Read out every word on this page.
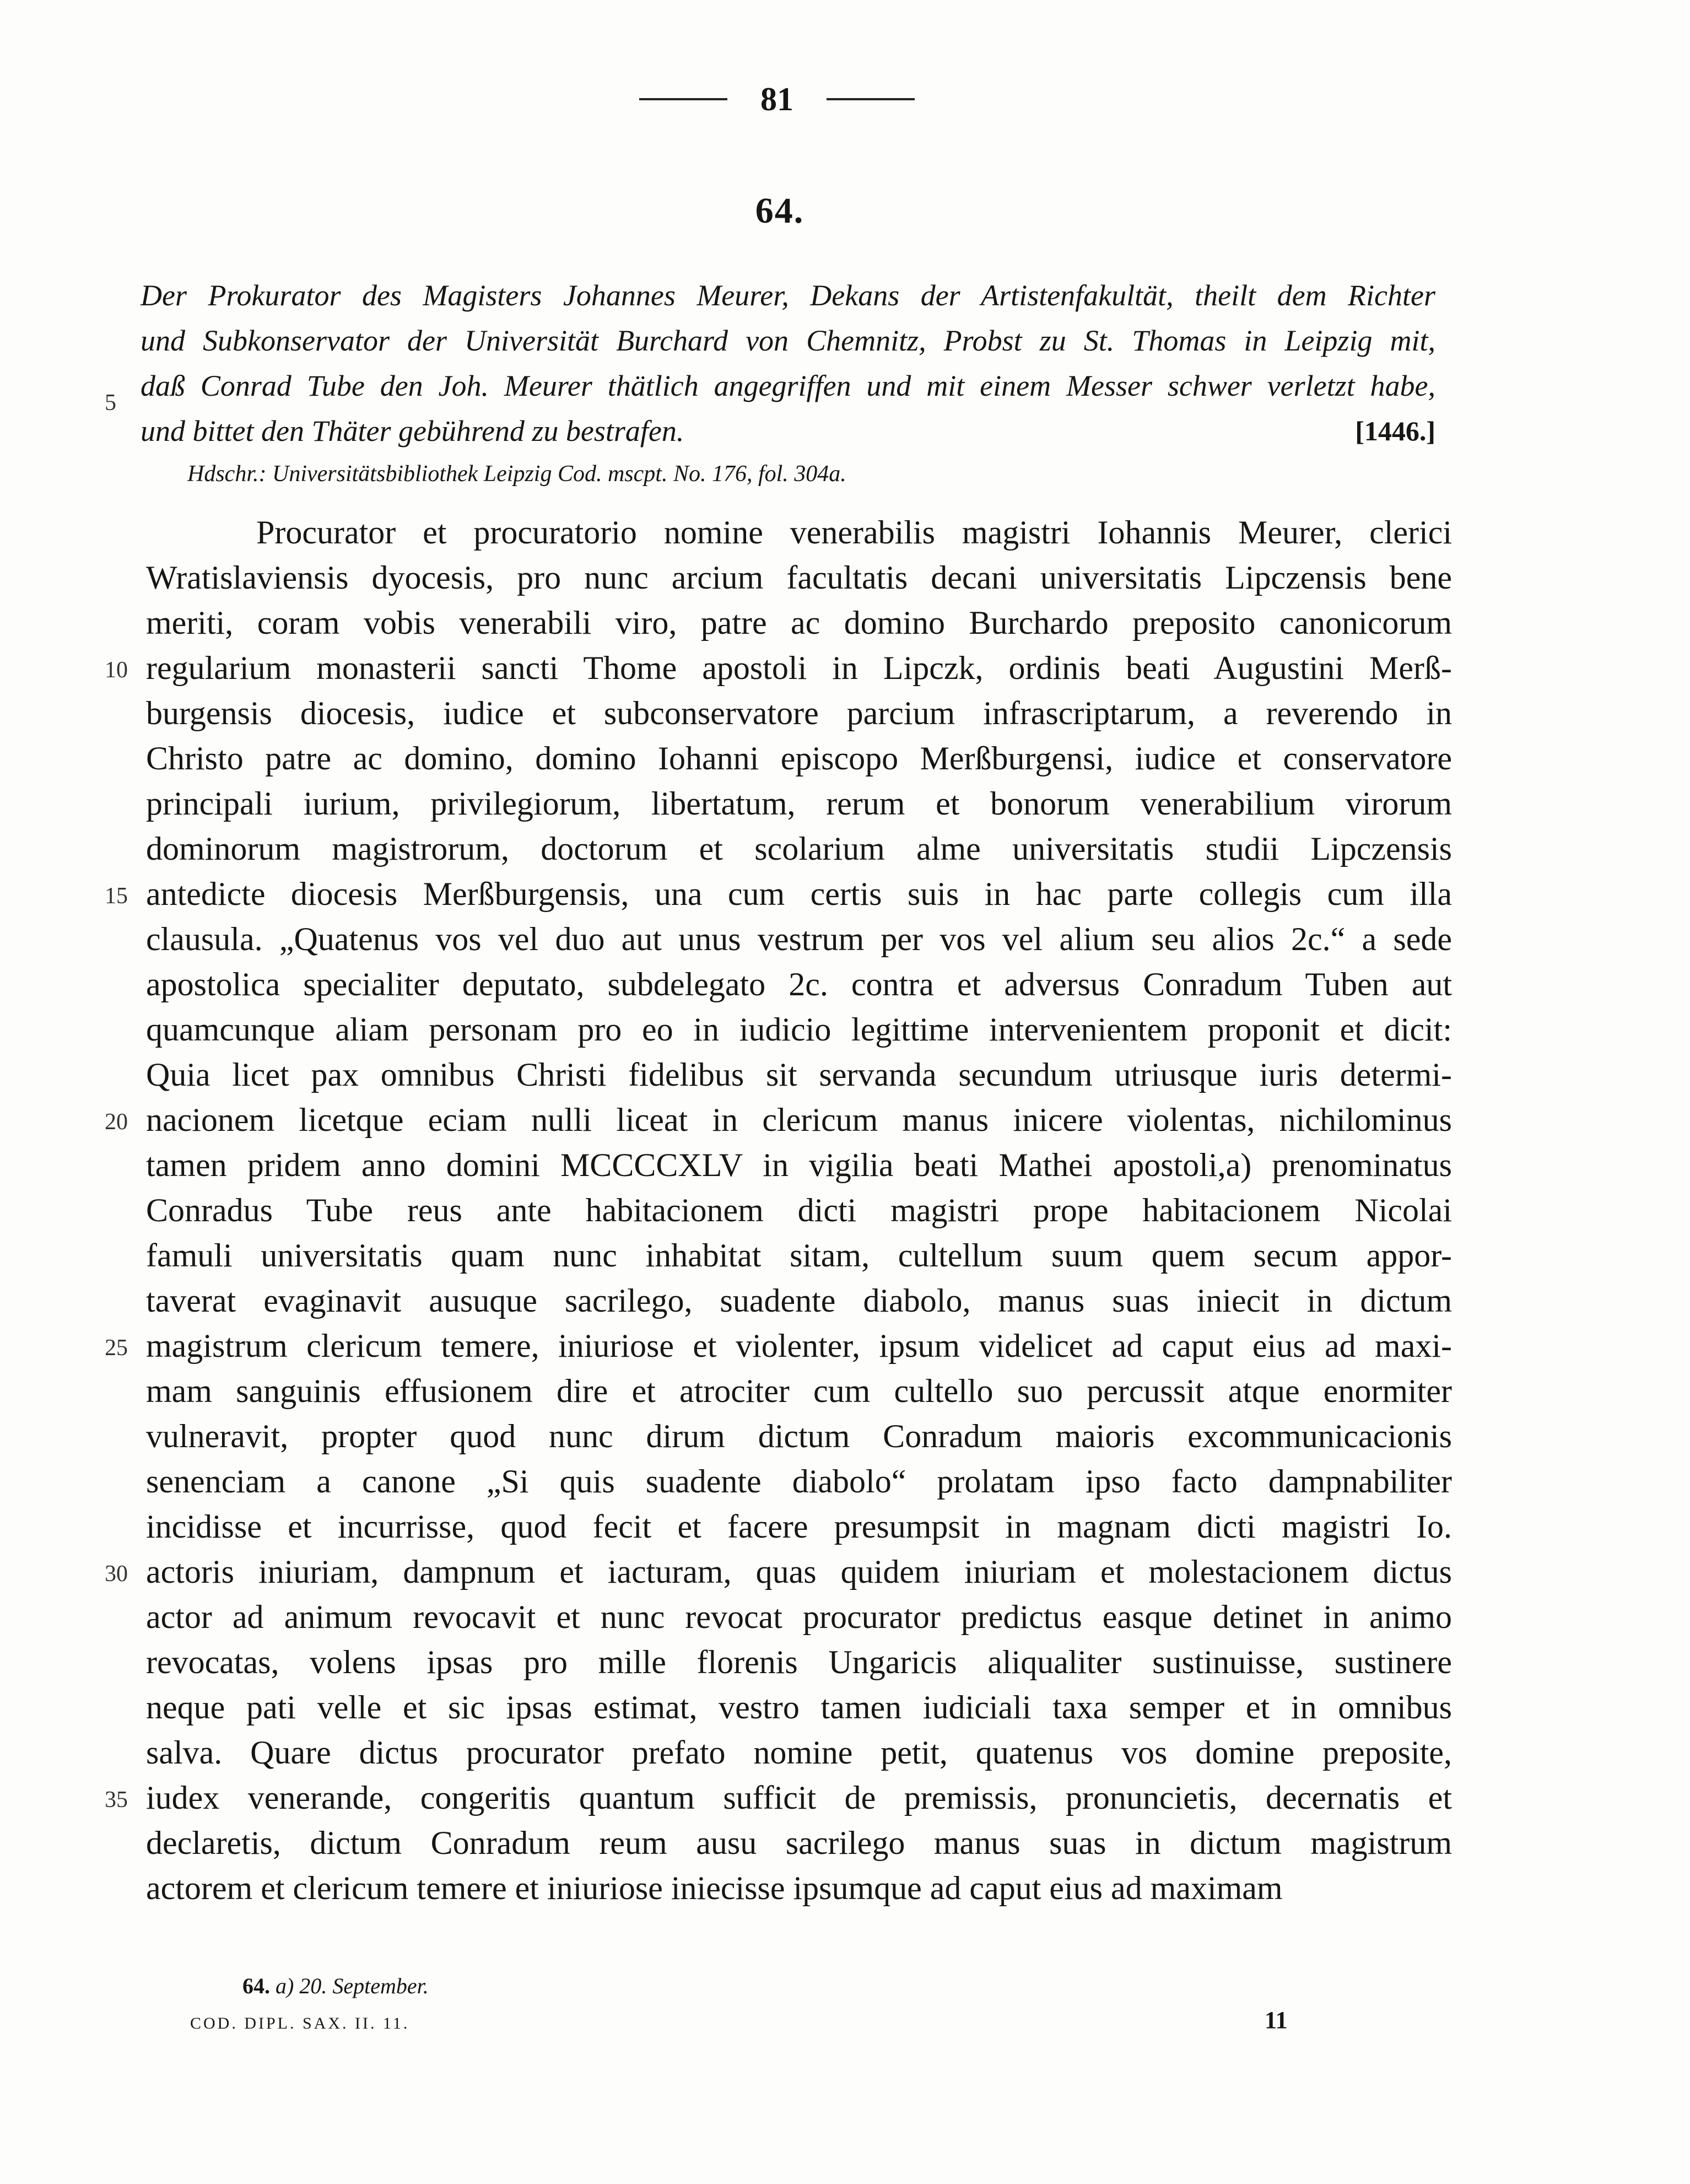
81
64.
Der Prokurator des Magisters Johannes Meurer, Dekans der Artistenfakultät, theilt dem Richter
und Subkonservator der Universität Burchard von Chemnitz, Probst zu St. Thomas in Leipzig mit,
daß Conrad Tube den Joh. Meurer thätlich angegriffen und mit einem Messer schwer verletzt habe,
und bittet den Thäter gebührend zu bestrafen.	[1446.]
5
Hdschr.: Universitätsbibliothek Leipzig Cod. mscpt. No. 176, fol. 304a.
Procurator et procuratorio nomine venerabilis magistri Iohannis Meurer, clerici
Wratislaviensis dyocesis, pro nunc arcium facultatis decani universitatis Lipczensis bene
meriti, coram vobis venerabili viro, patre ac domino Burchardo preposito canonicorum
regularium monasterii sancti Thome apostoli in Lipczk, ordinis beati Augustini Merß-
burgensis diocesis, iudice et subconservatore parcium infrascriptarum, a reverendo in
Christo patre ac domino, domino Iohanni episcopo Merßburgensi, iudice et conservatore
principali iurium, privilegiorum, libertatum, rerum et bonorum venerabilium virorum
dominorum magistrorum, doctorum et scolarium alme universitatis studii Lipczensis
antedicte diocesis Merßburgensis, una cum certis suis in hac parte collegis cum illa
clausula. „Quatenus vos vel duo aut unus vestrum per vos vel alium seu alios 2c.“ a sede
apostolica specialiter deputato, subdelegato 2c. contra et adversus Conradum Tuben aut
quamcunque aliam personam pro eo in iudicio legittime intervenientem proponit et dicit:
Quia licet pax omnibus Christi fidelibus sit servanda secundum utriusque iuris determi-
nacionem licetque eciam nulli liceat in clericum manus inicere violentas, nichilominus
tamen pridem anno domini MCCCCXLV in vigilia beati Mathei apostoli,a) prenominatus
Conradus Tube reus ante habitacionem dicti magistri prope habitacionem Nicolai
famuli universitatis quam nunc inhabitat sitam, cultellum suum quem secum appor-
taverat evaginavit ausuque sacrilego, suadente diabolo, manus suas iniecit in dictum
magistrum clericum temere, iniuriose et violenter, ipsum videlicet ad caput eius ad maxi-
mam sanguinis effusionem dire et atrociter cum cultello suo percussit atque enormiter
vulneravit, propter quod nunc dirum dictum Conradum maioris excommunicacionis
senenciam a canone „Si quis suadente diabolo“ prolatam ipso facto dampnabiliter
incidisse et incurrisse, quod fecit et facere presumpsit in magnam dicti magistri Io.
actoris iniuriam, dampnum et iacturam, quas quidem iniuriam et molestacionem dictus
actor ad animum revocavit et nunc revocat procurator predictus easque detinet in animo
revocatas, volens ipsas pro mille florenis Ungaricis aliqualiter sustinuisse, sustinere
neque pati velle et sic ipsas estimat, vestro tamen iudiciali taxa semper et in omnibus
salva. Quare dictus procurator prefato nomine petit, quatenus vos domine preposite,
iudex venerande, congeritis quantum sufficit de premissis, pronuncietis, decernatis et
declaretis, dictum Conradum reum ausu sacrilego manus suas in dictum magistrum
actorem et clericum temere et iniuriose iniecisse ipsumque ad caput eius ad maximam
10
15
20
25
30
35
64. a) 20. September.
COD. DIPL. SAX. II. 11.	11
